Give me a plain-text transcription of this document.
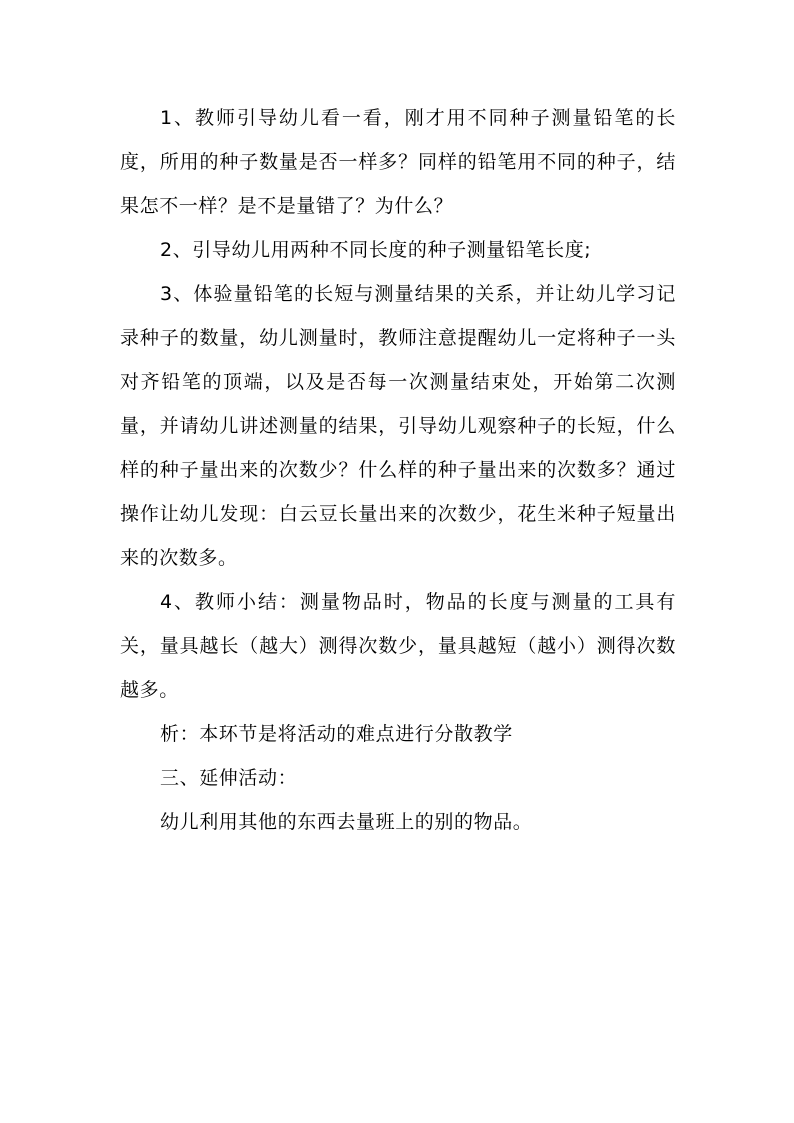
1、教师引导幼儿看一看，刚才用不同种子测量铅笔的长度，所用的种子数量是否一样多？同样的铅笔用不同的种子，结果怎不一样？是不是量错了？为什么？

2、引导幼儿用两种不同长度的种子测量铅笔长度;

3、体验量铅笔的长短与测量结果的关系，并让幼儿学习记录种子的数量，幼儿测量时，教师注意提醒幼儿一定将种子一头对齐铅笔的顶端，以及是否每一次测量结束处，开始第二次测量，并请幼儿讲述测量的结果，引导幼儿观察种子的长短，什么样的种子量出来的次数少？什么样的种子量出来的次数多？通过操作让幼儿发现：白云豆长量出来的次数少，花生米种子短量出来的次数多。

4、教师小结：测量物品时，物品的长度与测量的工具有关，量具越长（越大）测得次数少，量具越短（越小）测得次数越多。

析：本环节是将活动的难点进行分散教学

三、延伸活动：

幼儿利用其他的东西去量班上的别的物品。
